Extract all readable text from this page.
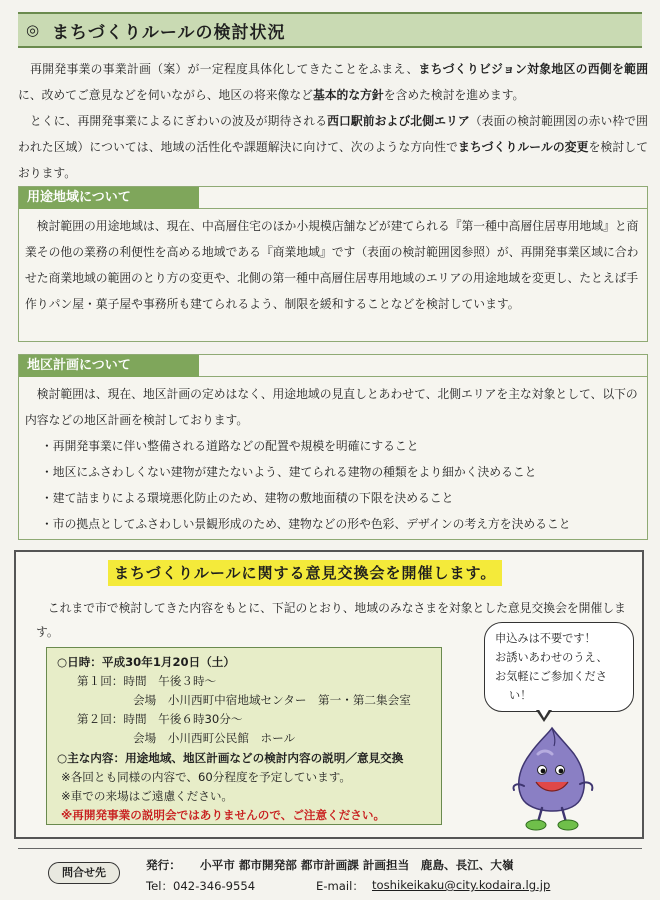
◎ まちづくりルールの検討状況
　再開発事業の事業計画（案）が一定程度具体化してきたことをふまえ、まちづくりビジョン対象地区の西側を範囲に、改めてご意見などを伺いながら、地区の将来像など基本的な方針を含めた検討を進めます。
　とくに、再開発事業によるにぎわいの波及が期待される西口駅前および北側エリア（表面の検討範囲図の赤い枠で囲われた区域）については、地域の活性化や課題解決に向けて、次のような方向性でまちづくりルールの変更を検討しております。
用途地域について
　検討範囲の用途地域は、現在、中高層住宅のほか小規模店舗などが建てられる『第一種中高層住居専用地域』と商業その他の業務の利便性を高める地域である『商業地域』です（表面の検討範囲図参照）が、再開発事業区域に合わせた商業地域の範囲のとり方の変更や、北側の第一種中高層住居専用地域のエリアの用途地域を変更し、たとえば手作りパン屋・菓子屋や事務所も建てられるよう、制限を緩和することなどを検討しています。
地区計画について
　検討範囲は、現在、地区計画の定めはなく、用途地域の見直しとあわせて、北側エリアを主な対象として、以下の内容などの地区計画を検討しております。
・再開発事業に伴い整備される道路などの配置や規模を明確にすること
・地区にふさわしくない建物が建たないよう、建てられる建物の種類をより細かく決めること
・建て詰まりによる環境悪化防止のため、建物の敷地面積の下限を決めること
・市の拠点としてふさわしい景観形成のため、建物などの形や色彩、デザインの考え方を決めること
まちづくりルールに関する意見交換会を開催します。
　これまで市で検討してきた内容をもとに、下記のとおり、地域のみなさまを対象とした意見交換会を開催します。
○日時：平成30年1月20日（土）
第１回：時間　午後３時～
会場　小川西町中宿地域センター　第一・第二集会室
第２回：時間　午後６時30分～
会場　小川西町公民館　ホール
○主な内容：用途地域、地区計画などの検討内容の説明／意見交換
※各回とも同様の内容で、60分程度を予定しています。
※車での来場はご遠慮ください。
※再開発事業の説明会ではありませんので、ご注意ください。
申込みは不要です！
お誘いあわせのうえ、
お気軽にご参加くださ
い！
問合せ先
発行： 小平市 都市開発部 都市計画課 計画担当　鹿島、長江、大嶺
Tel：042-346-9554	E-mail： toshikeikaku@city.kodaira.lg.jp
